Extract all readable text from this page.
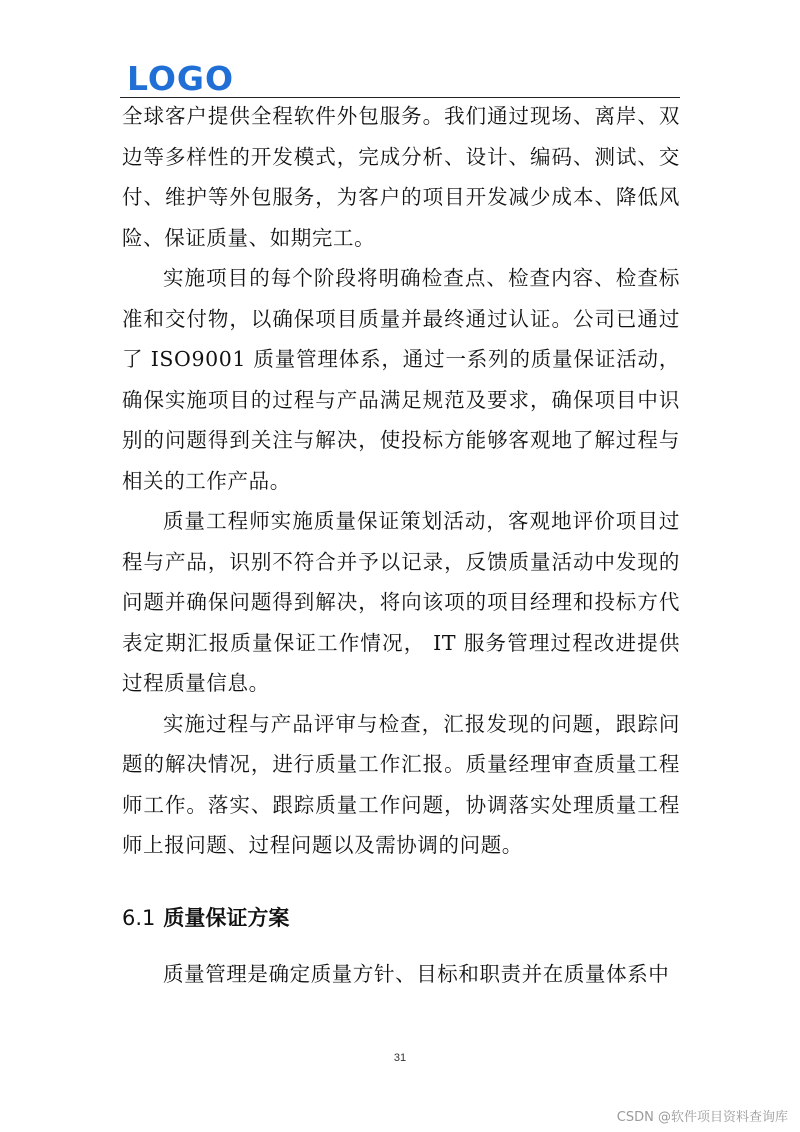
LOGO

全球客户提供全程软件外包服务。我们通过现场、离岸、双边等多样性的开发模式，完成分析、设计、编码、测试、交付、维护等外包服务，为客户的项目开发减少成本、降低风险、保证质量、如期完工。

实施项目的每个阶段将明确检查点、检查内容、检查标准和交付物，以确保项目质量并最终通过认证。公司已通过了 ISO9001 质量管理体系，通过一系列的质量保证活动，确保实施项目的过程与产品满足规范及要求，确保项目中识别的问题得到关注与解决，使投标方能够客观地了解过程与相关的工作产品。

质量工程师实施质量保证策划活动，客观地评价项目过程与产品，识别不符合并予以记录，反馈质量活动中发现的问题并确保问题得到解决，将向该项的项目经理和投标方代表定期汇报质量保证工作情况， IT 服务管理过程改进提供过程质量信息。

实施过程与产品评审与检查，汇报发现的问题，跟踪问题的解决情况，进行质量工作汇报。质量经理审查质量工程师工作。落实、跟踪质量工作问题，协调落实处理质量工程师上报问题、过程问题以及需协调的问题。

6.1 质量保证方案

质量管理是确定质量方针、目标和职责并在质量体系中

31
CSDN @软件项目资料查询库
